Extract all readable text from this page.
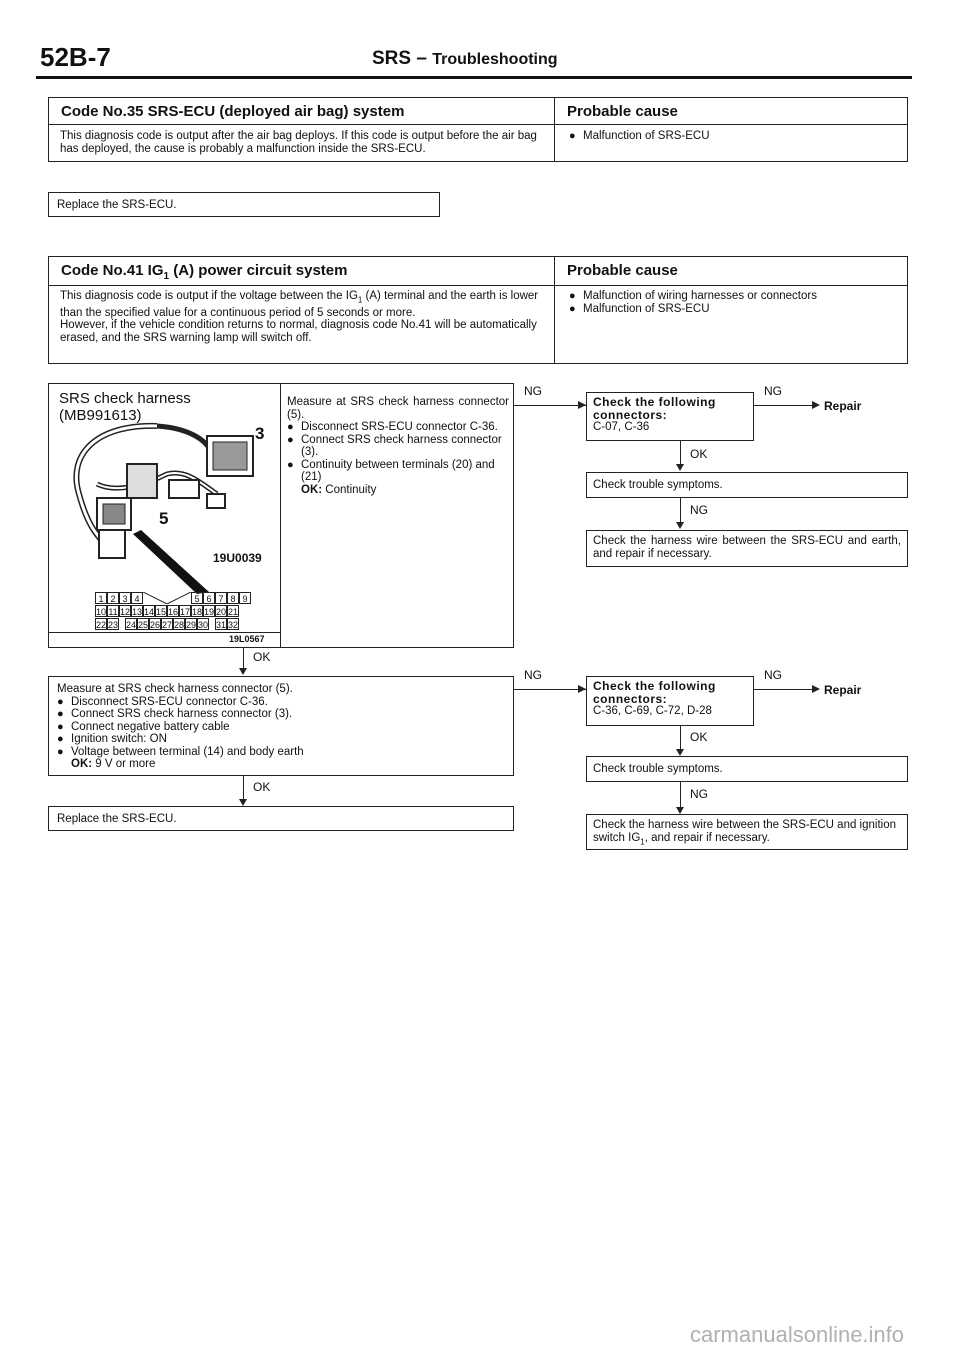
52B-7	SRS – Troubleshooting
Code No.35 SRS-ECU (deployed air bag) system	Probable cause
This diagnosis code is output after the air bag deploys. If this code is output before the air bag has deployed, the cause is probably a malfunction inside the SRS-ECU.
● Malfunction of SRS-ECU
Replace the SRS-ECU.
Code No.41 $IG_1$ (A) power circuit system	Probable cause
This diagnosis code is output if the voltage between the $IG_1$ (A) terminal and the earth is lower than the specified value for a continuous period of 5 seconds or more.
However, if the vehicle condition returns to normal, diagnosis code No.41 will be automatically erased, and the SRS warning lamp will switch off.
● Malfunction of wiring harnesses or connectors
● Malfunction of SRS-ECU
SRS check harness
(MB991613)
3
5
19U0039
19L0567
1 2 3 4	5 6 7 8 9
10 11 12 13 14 15 16 17 18 19 20 21
22 23 24 25 26 27 28 29 30 31 32
Measure at SRS check harness connector (5).
● Disconnect SRS-ECU connector C-36.
● Connect SRS check harness connector (3).
● Continuity between terminals (20) and (21)
OK: Continuity
NG
Check the following connectors:
C-07, C-36
NG
Repair
OK
Check trouble symptoms.
NG
Check the harness wire between the SRS-ECU and earth, and repair if necessary.
OK
Measure at SRS check harness connector (5).
● Disconnect SRS-ECU connector C-36.
● Connect SRS check harness connector (3).
● Connect negative battery cable
● Ignition switch: ON
● Voltage between terminal (14) and body earth
OK: 9 V or more
NG
Check the following connectors:
C-36, C-69, C-72, D-28
NG
Repair
OK
Check trouble symptoms.
NG
Check the harness wire between the SRS-ECU and ignition switch $IG_1$, and repair if necessary.
OK
Replace the SRS-ECU.
carmanualsonline.info
